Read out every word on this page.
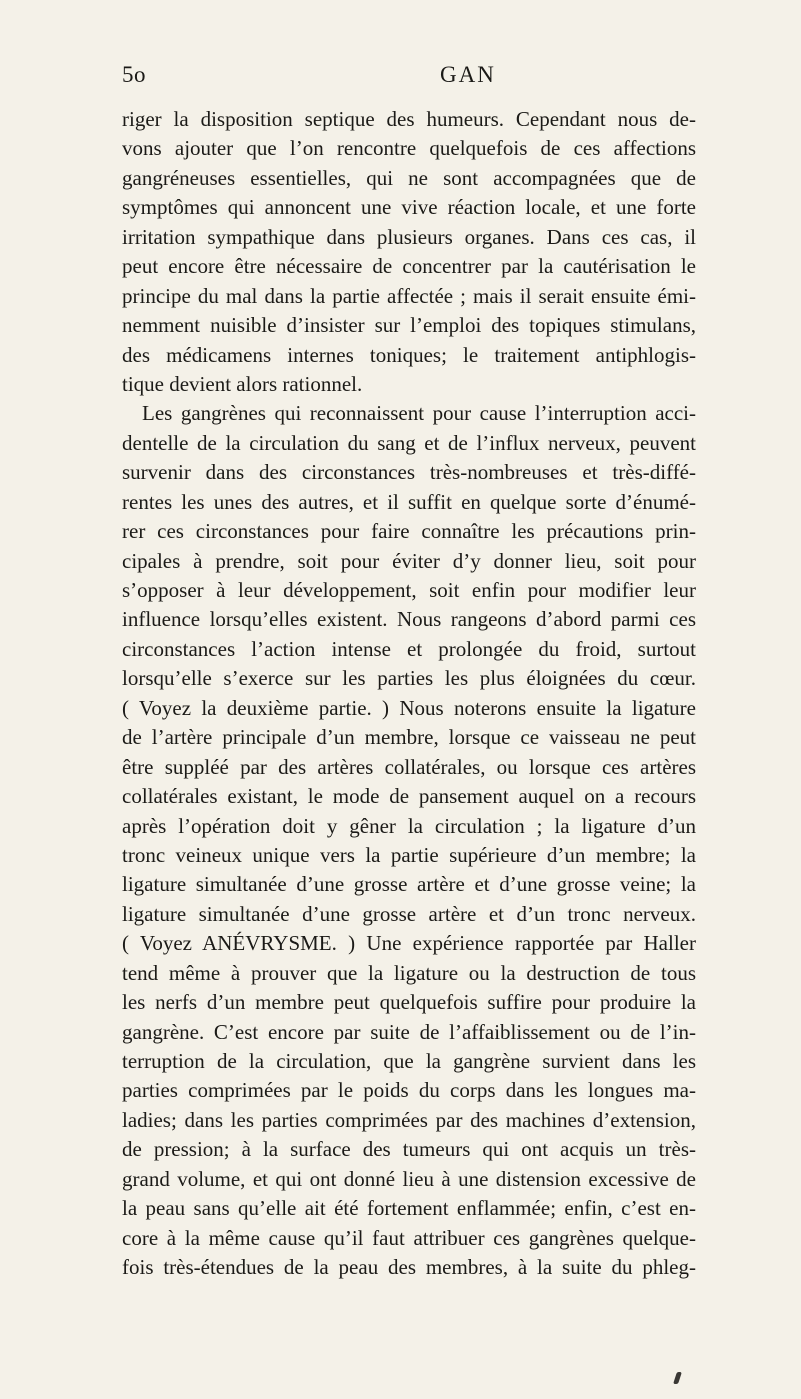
5o	GAN
riger la disposition septique des humeurs. Cependant nous de-
vons ajouter que l’on rencontre quelquefois de ces affections
gangréneuses essentielles, qui ne sont accompagnées que de
symptômes qui annoncent une vive réaction locale, et une forte
irritation sympathique dans plusieurs organes. Dans ces cas, il
peut encore être nécessaire de concentrer par la cautérisation le
principe du mal dans la partie affectée ; mais il serait ensuite émi-
nemment nuisible d’insister sur l’emploi des topiques stimulans,
des médicamens internes toniques; le traitement antiphlogis-
tique devient alors rationnel.
Les gangrènes qui reconnaissent pour cause l’interruption acci-
dentelle de la circulation du sang et de l’influx nerveux, peuvent
survenir dans des circonstances très-nombreuses et très-diffé-
rentes les unes des autres, et il suffit en quelque sorte d’énumé-
rer ces circonstances pour faire connaître les précautions prin-
cipales à prendre, soit pour éviter d’y donner lieu, soit pour
s’opposer à leur développement, soit enfin pour modifier leur
influence lorsqu’elles existent. Nous rangeons d’abord parmi ces
circonstances l’action intense et prolongée du froid, surtout
lorsqu’elle s’exerce sur les parties les plus éloignées du cœur.
( Voyez la deuxième partie. ) Nous noterons ensuite la ligature
de l’artère principale d’un membre, lorsque ce vaisseau ne peut
être suppléé par des artères collatérales, ou lorsque ces artères
collatérales existant, le mode de pansement auquel on a recours
après l’opération doit y gêner la circulation ; la ligature d’un
tronc veineux unique vers la partie supérieure d’un membre; la
ligature simultanée d’une grosse artère et d’une grosse veine; la
ligature simultanée d’une grosse artère et d’un tronc nerveux.
( Voyez ANÉVRYSME. ) Une expérience rapportée par Haller
tend même à prouver que la ligature ou la destruction de tous
les nerfs d’un membre peut quelquefois suffire pour produire la
gangrène. C’est encore par suite de l’affaiblissement ou de l’in-
terruption de la circulation, que la gangrène survient dans les
parties comprimées par le poids du corps dans les longues ma-
ladies; dans les parties comprimées par des machines d’extension,
de pression; à la surface des tumeurs qui ont acquis un très-
grand volume, et qui ont donné lieu à une distension excessive de
la peau sans qu’elle ait été fortement enflammée; enfin, c’est en-
core à la même cause qu’il faut attribuer ces gangrènes quelque-
fois très-étendues de la peau des membres, à la suite du phleg-
